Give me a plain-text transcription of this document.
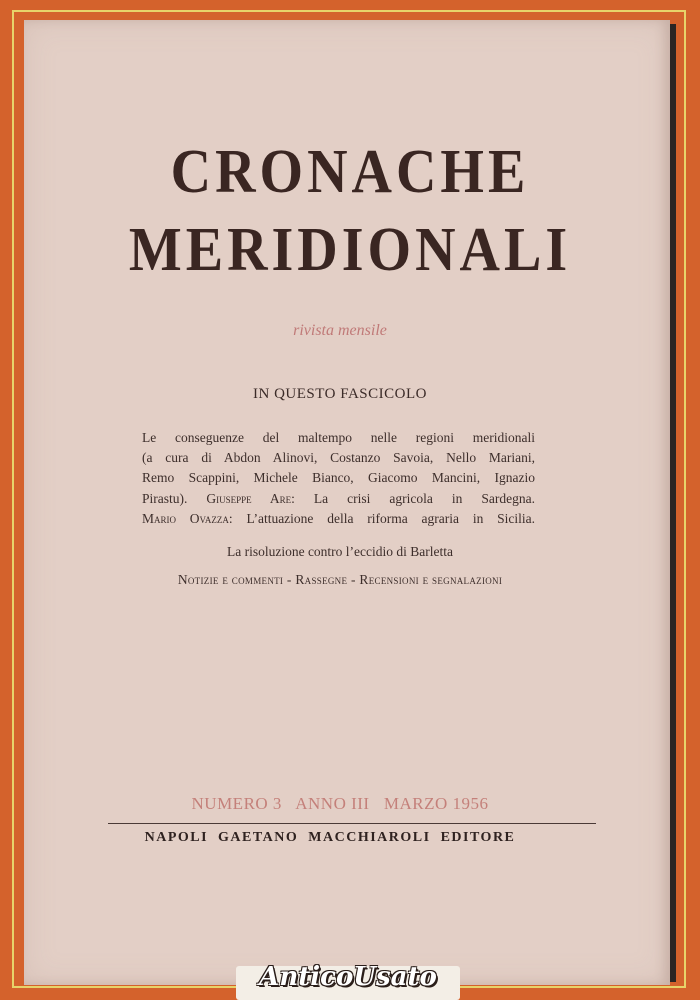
CRONACHE
MERIDIONALI
rivista mensile
IN QUESTO FASCICOLO
Le conseguenze del maltempo nelle regioni meridionali
(a cura di Abdon Alinovi, Costanzo Savoia, Nello Mariani,
Remo Scappini, Michele Bianco, Giacomo Mancini, Ignazio
Pirastu). Giuseppe Are: La crisi agricola in Sardegna.
Mario Ovazza: L’attuazione della riforma agraria in Sicilia.
La risoluzione contro l’eccidio di Barletta
Notizie e commenti - Rassegne - Recensioni e segnalazioni
NUMERO 3   ANNO III   MARZO 1956
NAPOLI  GAETANO  MACCHIAROLI  EDITORE
AnticoUsato
